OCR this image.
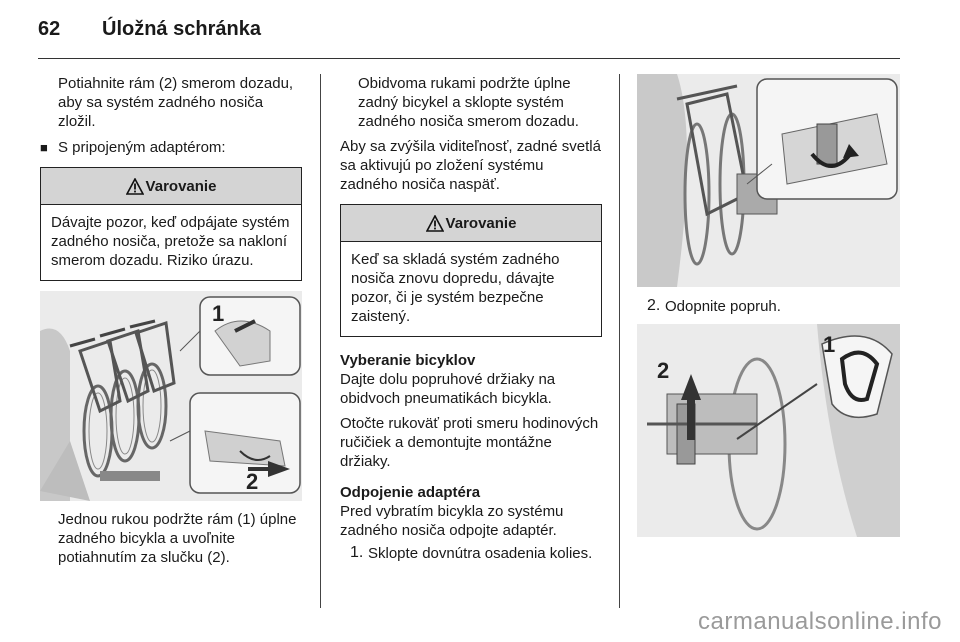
62 Úložná schránka

Potiahnite rám (2) smerom dozadu, aby sa systém zadného nosiča zložil.

■ S pripojeným adaptérom:

Varovanie

Dávajte pozor, keď odpájate systém zadného nosiča, pretože sa nakloní smerom dozadu. Riziko úrazu.

1
2

Jednou rukou podržte rám (1) úplne zadného bicykla a uvoľnite potiahnutím za slučku (2).

Obidvoma rukami podržte úplne zadný bicykel a sklopte systém zadného nosiča smerom dozadu.

Aby sa zvýšila viditeľnosť, zadné svetlá sa aktivujú po zložení systému zadného nosiča naspäť.

Varovanie

Keď sa skladá systém zadného nosiča znovu dopredu, dávajte pozor, či je systém bezpečne zaistený.

Vyberanie bicyklov

Dajte dolu popruhové držiaky na obidvoch pneumatikách bicykla.

Otočte rukoväť proti smeru hodinových ručičiek a demontujte montážne držiaky.

Odpojenie adaptéra

Pred vybratím bicykla zo systému zadného nosiča odpojte adaptér.

1. Sklopte dovnútra osadenia kolies.

2. Odopnite popruh.

1
2
carmanualsonline.info
